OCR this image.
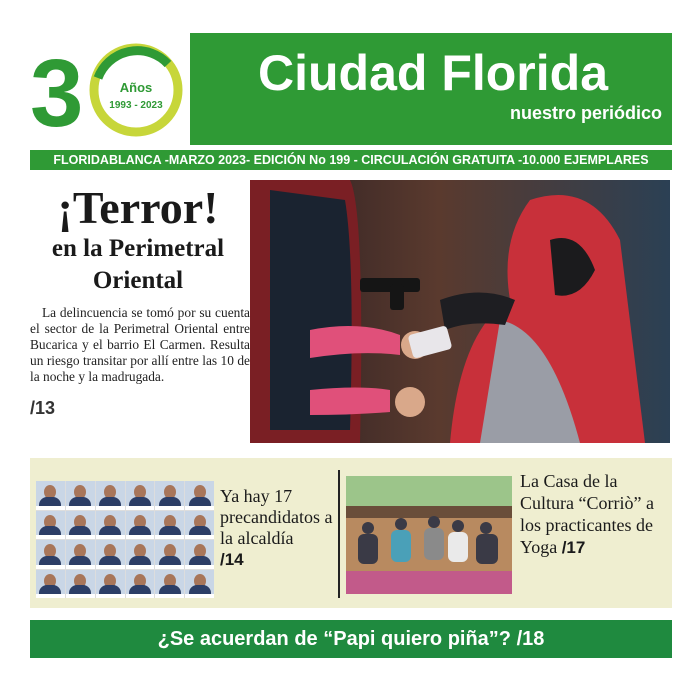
3	Años
1993 - 2023
Ciudad Florida
nuestro periódico
FLORIDABLANCA -MARZO 2023- EDICIÓN No 199 - CIRCULACIÓN GRATUITA -10.000 EJEMPLARES
¡Terror!
en la Perimetral
Oriental
La delincuencia se tomó por su cuenta el sector de la Perimetral Oriental entre Bucarica y el barrio El Carmen. Resulta un riesgo transitar por allí entre las 10 de la noche y la madrugada.
/13
Ya hay 17 precandidatos a la alcaldía
/14
La Casa de la Cultura “Corriò” a los practicantes de Yoga /17
¿Se acuerdan de “Papi quiero piña”? /18
